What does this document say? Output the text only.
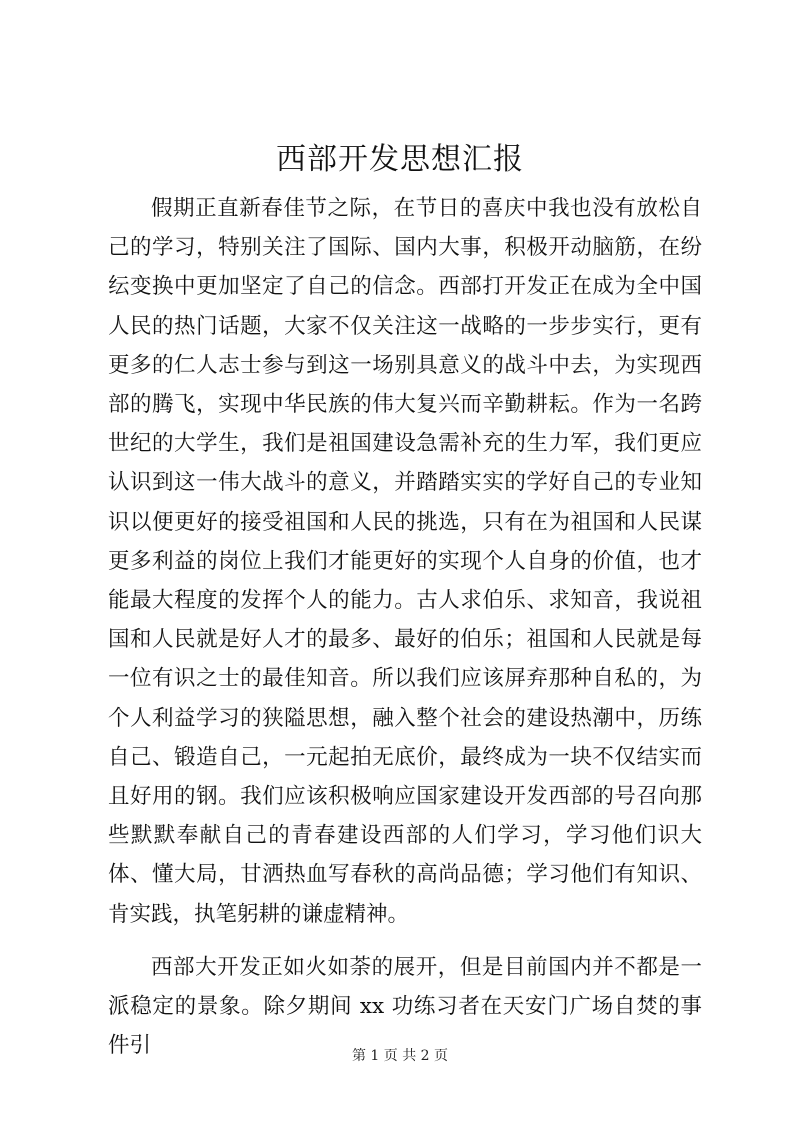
西部开发思想汇报

假期正直新春佳节之际，在节日的喜庆中我也没有放松自己的学习，特别关注了国际、国内大事，积极开动脑筋，在纷纭变换中更加坚定了自己的信念。西部打开发正在成为全中国人民的热门话题，大家不仅关注这一战略的一步步实行，更有更多的仁人志士参与到这一场别具意义的战斗中去，为实现西部的腾飞，实现中华民族的伟大复兴而辛勤耕耘。作为一名跨世纪的大学生，我们是祖国建设急需补充的生力军，我们更应认识到这一伟大战斗的意义，并踏踏实实的学好自己的专业知识以便更好的接受祖国和人民的挑选，只有在为祖国和人民谋更多利益的岗位上我们才能更好的实现个人自身的价值，也才能最大程度的发挥个人的能力。古人求伯乐、求知音，我说祖国和人民就是好人才的最多、最好的伯乐；祖国和人民就是每一位有识之士的最佳知音。所以我们应该屏弃那种自私的，为个人利益学习的狭隘思想，融入整个社会的建设热潮中，历练自己、锻造自己，一元起拍无底价，最终成为一块不仅结实而且好用的钢。我们应该积极响应国家建设开发西部的号召向那些默默奉献自己的青春建设西部的人们学习，学习他们识大体、懂大局，甘洒热血写春秋的高尚品德；学习他们有知识、肯实践，执笔躬耕的谦虚精神。

西部大开发正如火如荼的展开，但是目前国内并不都是一派稳定的景象。除夕期间 xx 功练习者在天安门广场自焚的事件引	第 1 页 共 2 页
